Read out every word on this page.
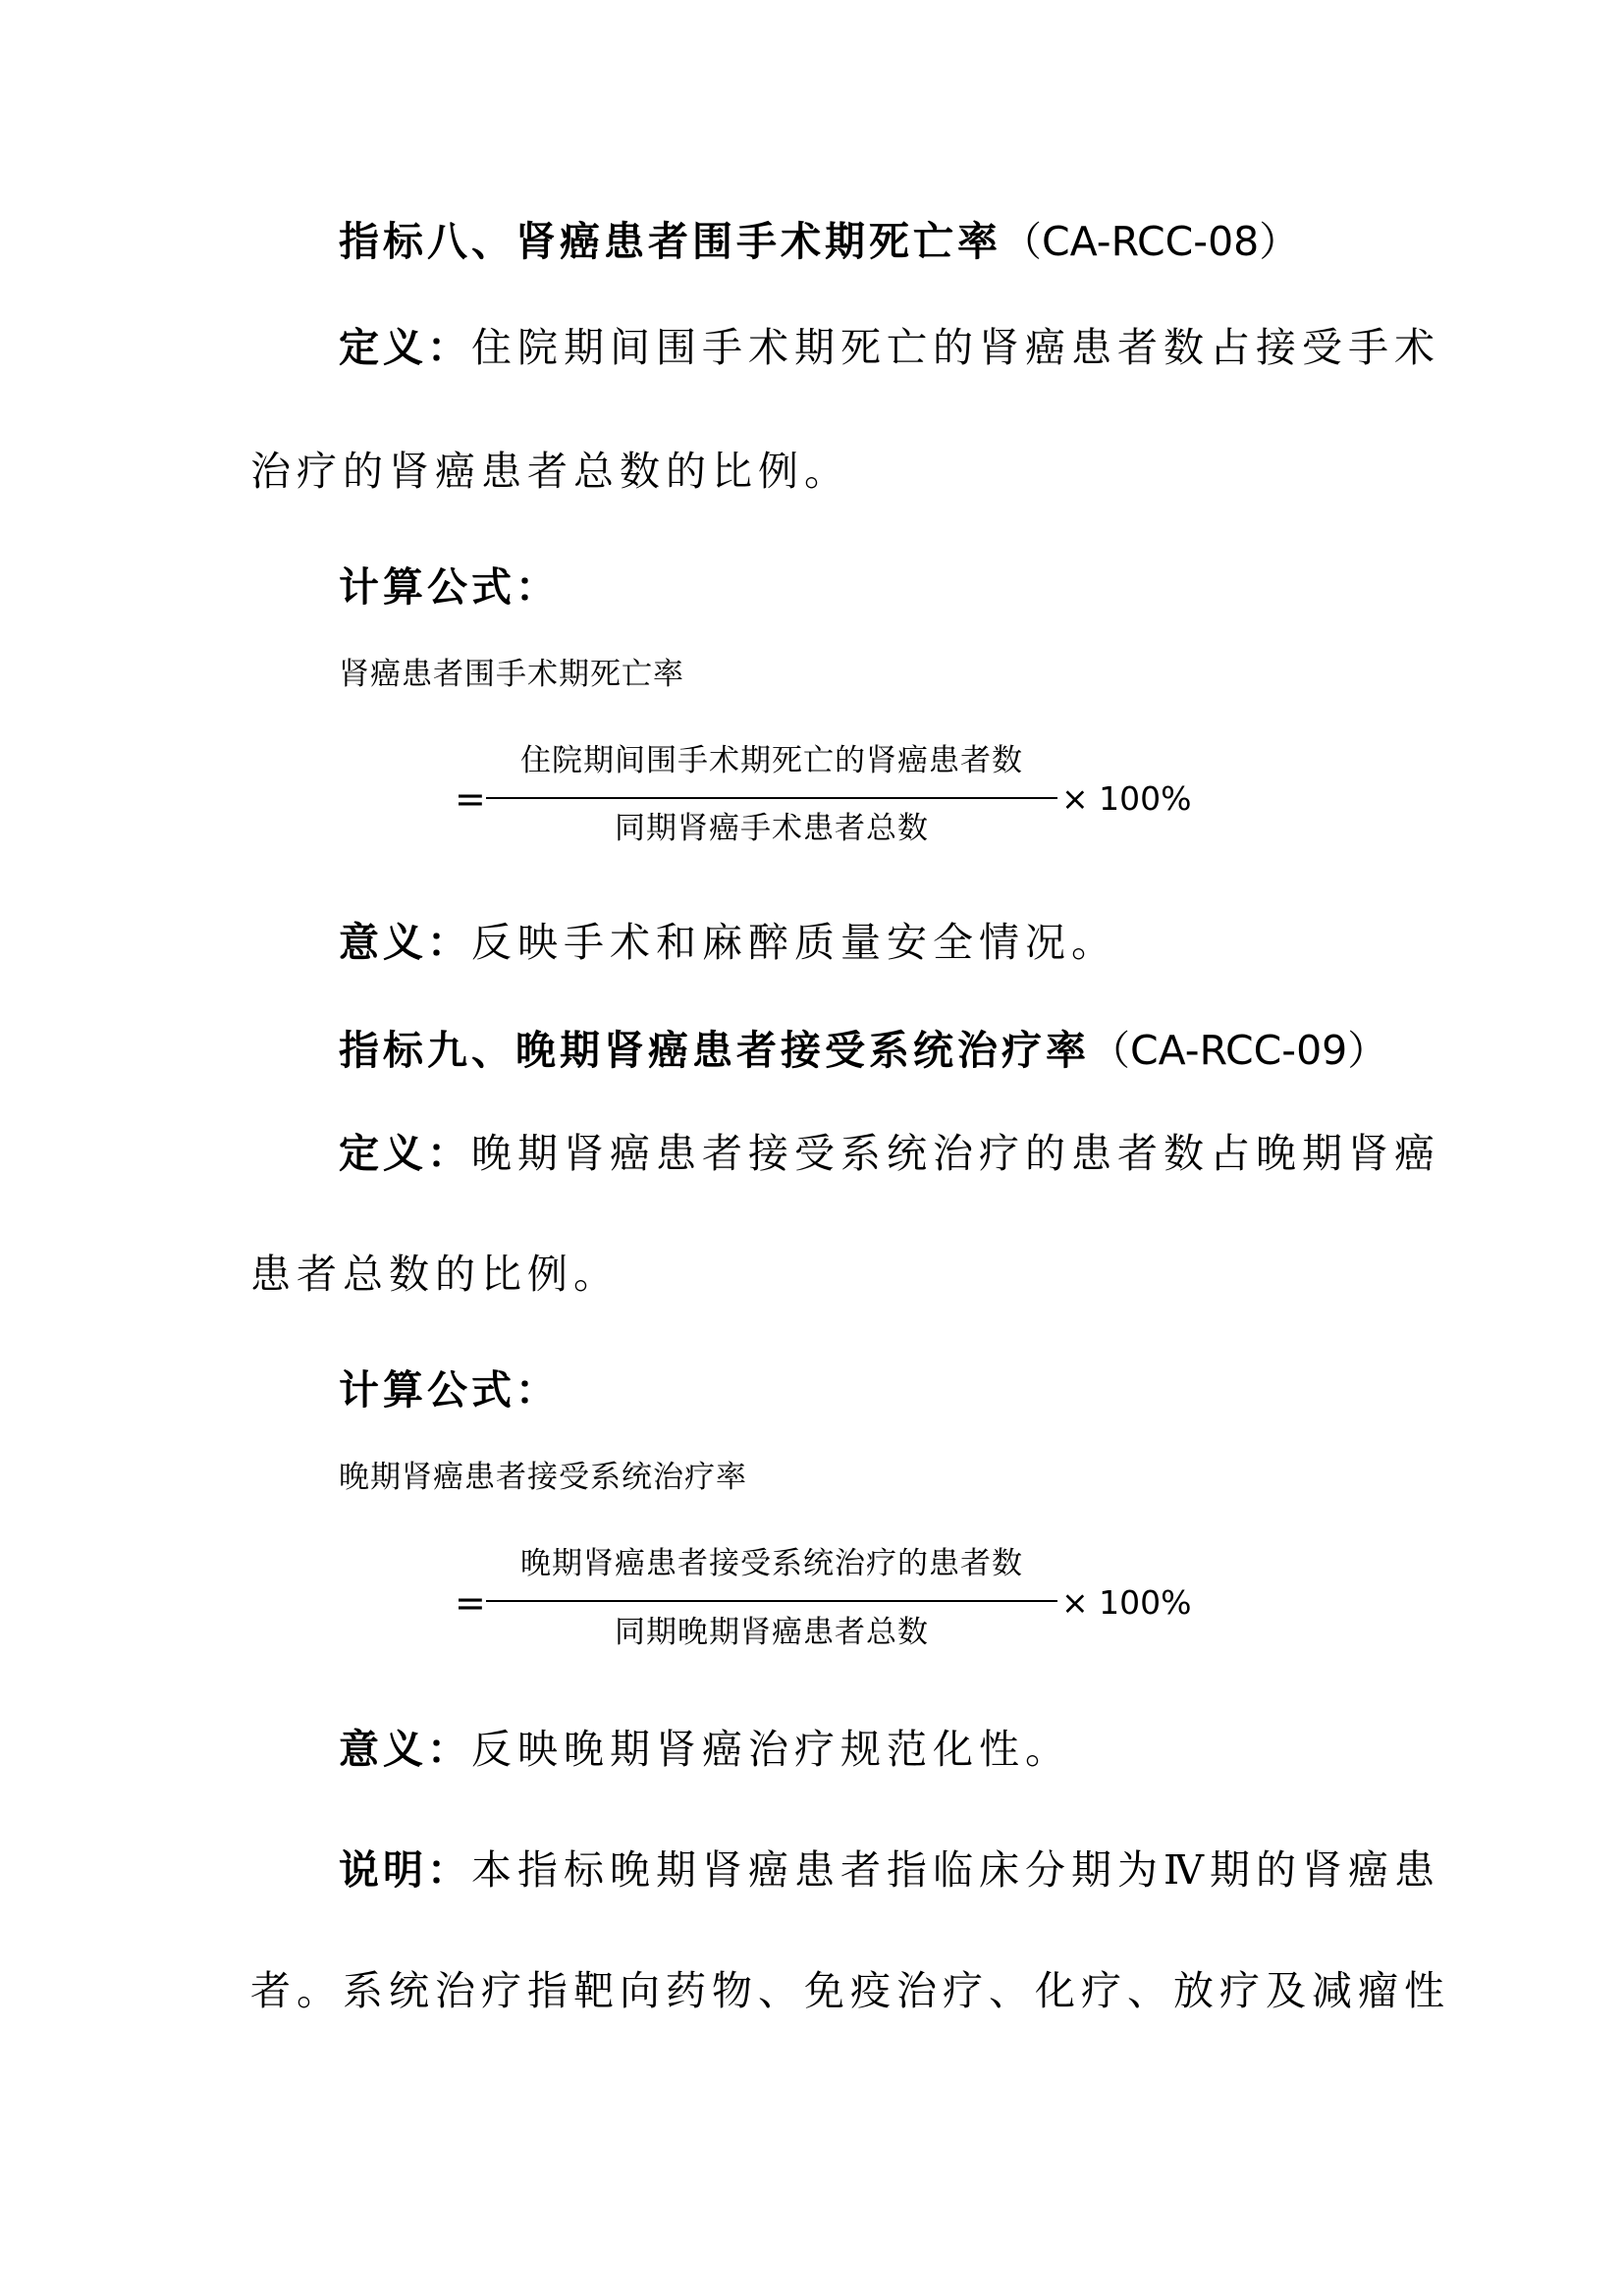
指标八、肾癌患者围手术期死亡率（CA-RCC-08）
定义：住院期间围手术期死亡的肾癌患者数占接受手术
治疗的肾癌患者总数的比例。
计算公式：
肾癌患者围手术期死亡率
=
住院期间围手术期死亡的肾癌患者数
同期肾癌手术患者总数
× 100%
意义：反映手术和麻醉质量安全情况。
指标九、晚期肾癌患者接受系统治疗率（CA-RCC-09）
定义：晚期肾癌患者接受系统治疗的患者数占晚期肾癌
患者总数的比例。
计算公式：
晚期肾癌患者接受系统治疗率
=
晚期肾癌患者接受系统治疗的患者数
同期晚期肾癌患者总数
× 100%
意义：反映晚期肾癌治疗规范化性。
说明：本指标晚期肾癌患者指临床分期为Ⅳ期的肾癌患
者。系统治疗指靶向药物、免疫治疗、化疗、放疗及减瘤性
